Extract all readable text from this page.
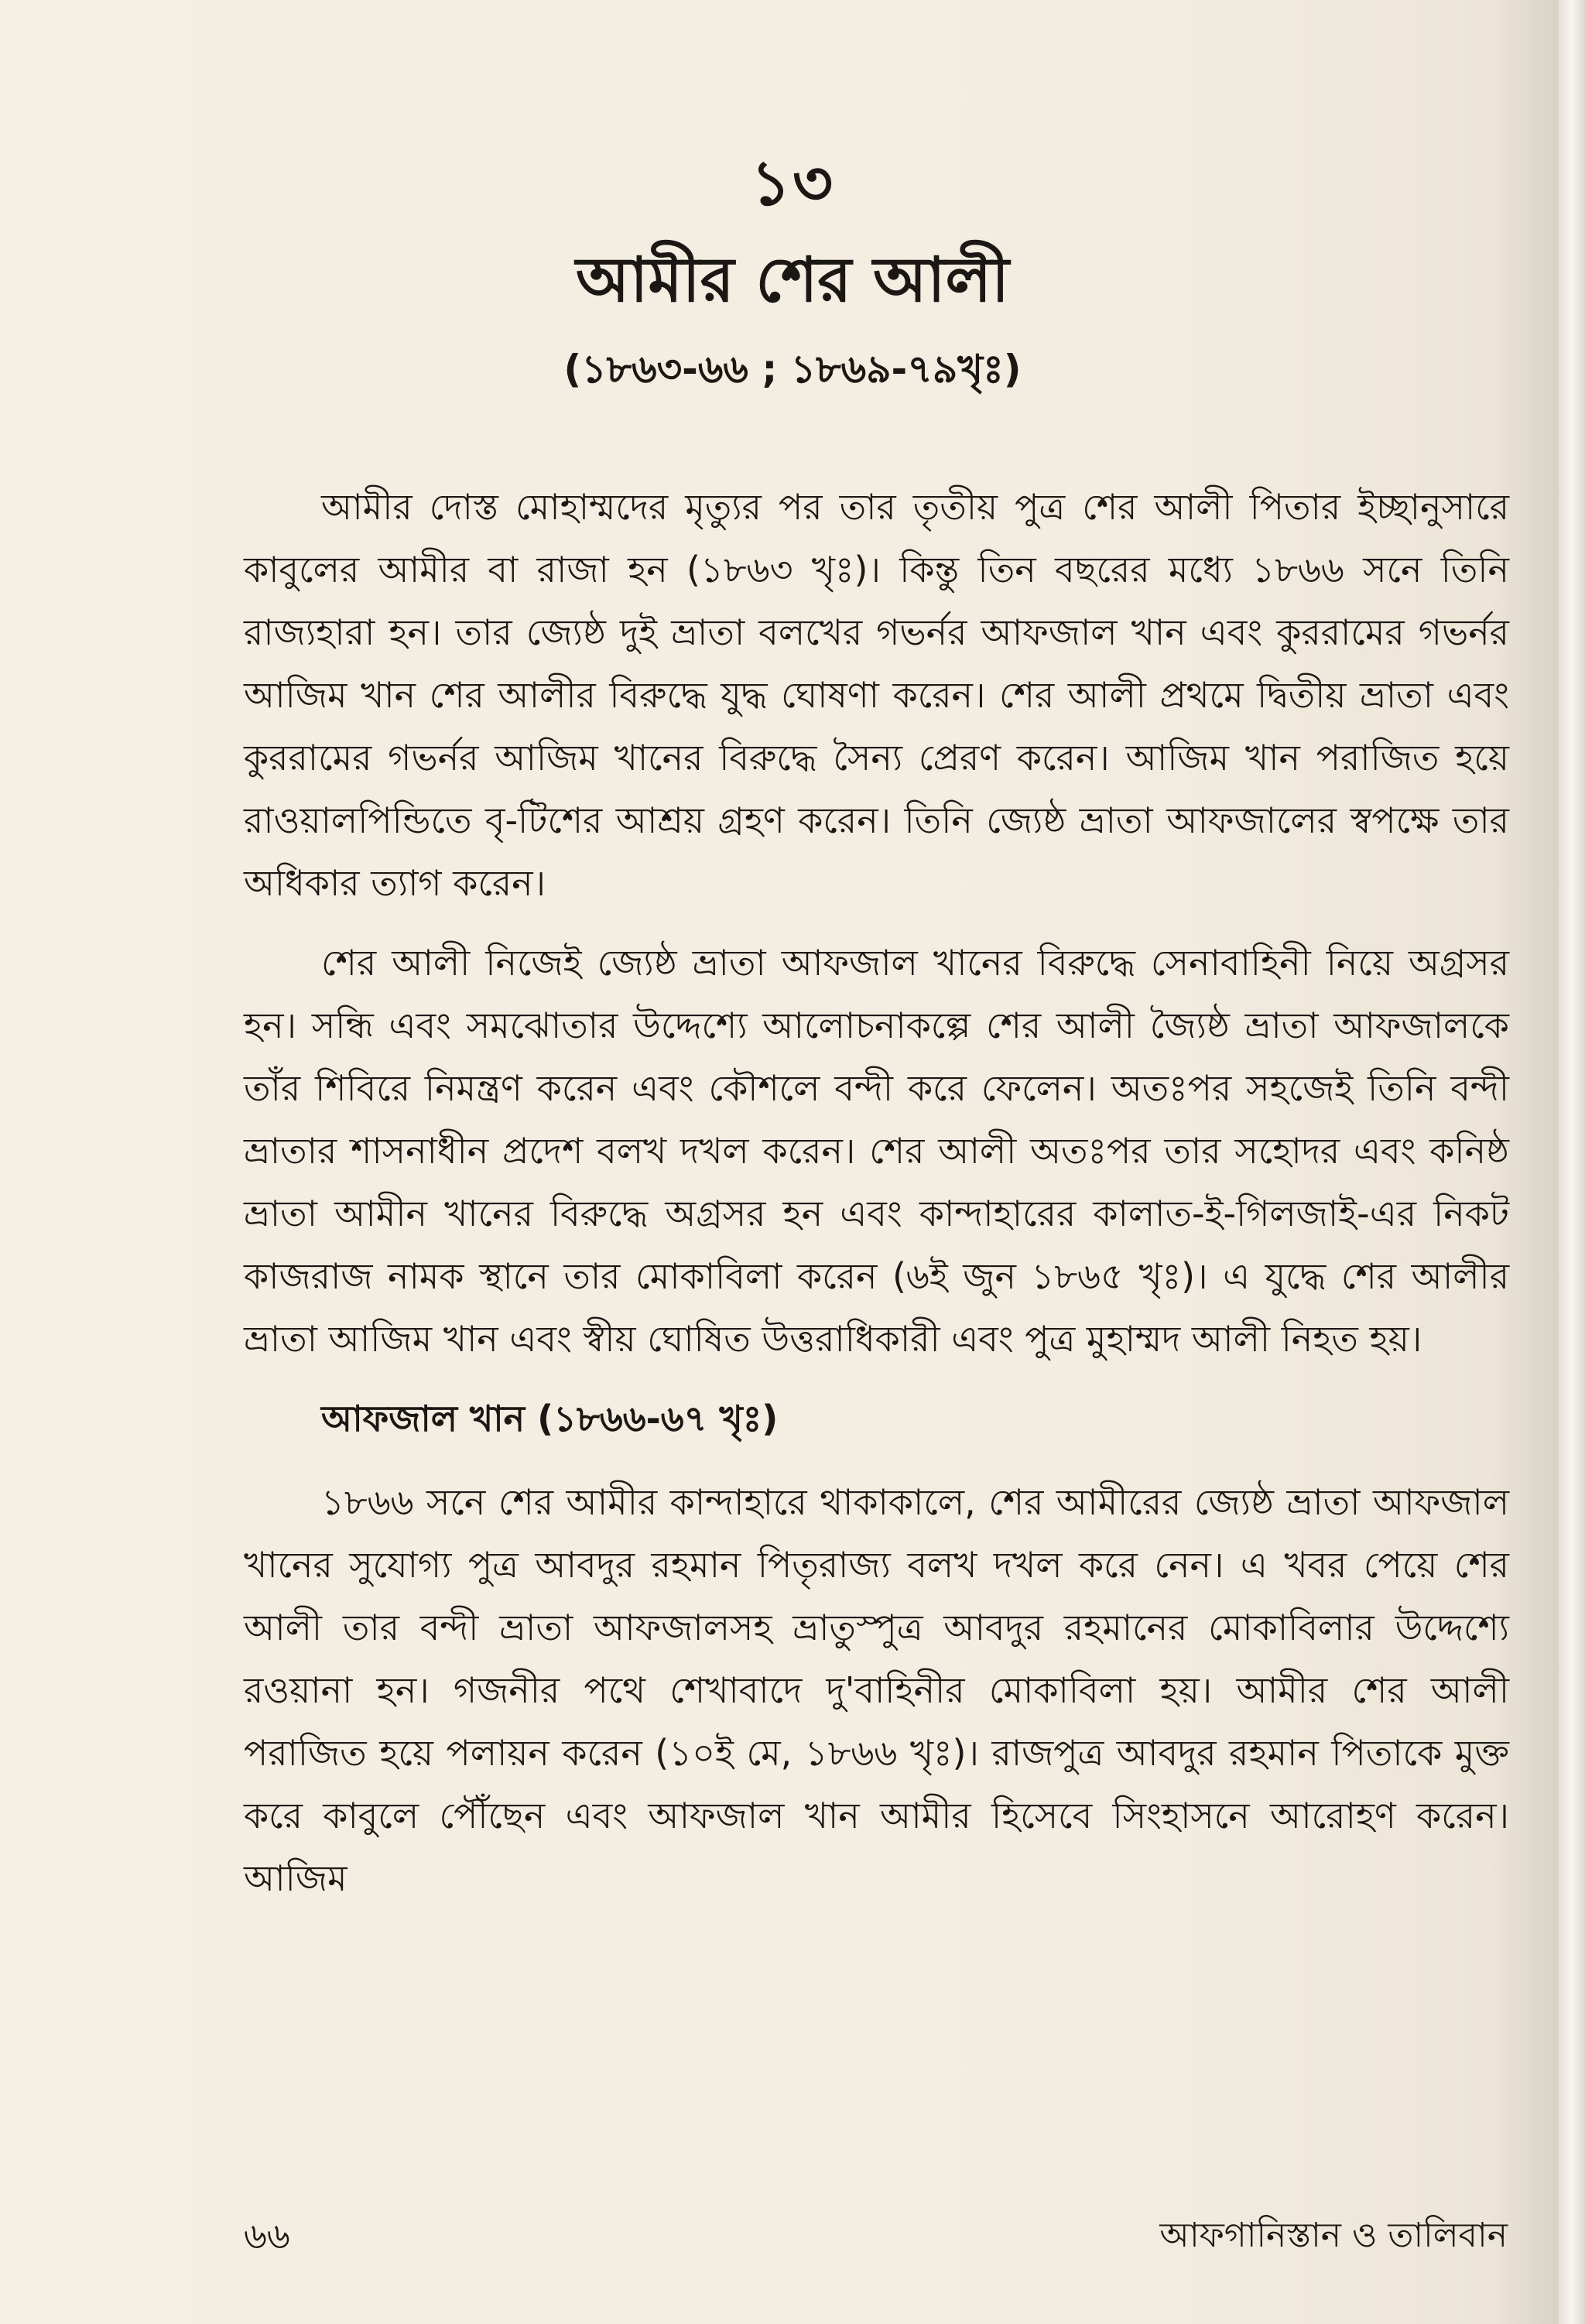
১৩
আমীর শের আলী
(১৮৬৩-৬৬ ; ১৮৬৯-৭৯খৃঃ)

আমীর দোস্ত মোহাম্মদের মৃত্যুর পর তার তৃতীয় পুত্র শের আলী পিতার ইচ্ছানুসারে কাবুলের আমীর বা রাজা হন (১৮৬৩ খৃঃ)। কিন্তু তিন বছরের মধ্যে ১৮৬৬ সনে তিনি রাজ্যহারা হন। তার জ্যেষ্ঠ দুই ভ্রাতা বলখের গভর্নর আফজাল খান এবং কুররামের গভর্নর আজিম খান শের আলীর বিরুদ্ধে যুদ্ধ ঘোষণা করেন। শের আলী প্রথমে দ্বিতীয় ভ্রাতা এবং কুররামের গভর্নর আজিম খানের বিরুদ্ধে সৈন্য প্রেরণ করেন। আজিম খান পরাজিত হয়ে রাওয়ালপিন্ডিতে বৃ-টিশের আশ্রয় গ্রহণ করেন। তিনি জ্যেষ্ঠ ভ্রাতা আফজালের স্বপক্ষে তার অধিকার ত্যাগ করেন।

শের আলী নিজেই জ্যেষ্ঠ ভ্রাতা আফজাল খানের বিরুদ্ধে সেনাবাহিনী নিয়ে অগ্রসর হন। সন্ধি এবং সমঝোতার উদ্দেশ্যে আলোচনাকল্পে শের আলী জ্যৈষ্ঠ ভ্রাতা আফজালকে তাঁর শিবিরে নিমন্ত্রণ করেন এবং কৌশলে বন্দী করে ফেলেন। অতঃপর সহজেই তিনি বন্দী ভ্রাতার শাসনাধীন প্রদেশ বলখ দখল করেন। শের আলী অতঃপর তার সহোদর এবং কনিষ্ঠ ভ্রাতা আমীন খানের বিরুদ্ধে অগ্রসর হন এবং কান্দাহারের কালাত-ই-গিলজাই-এর নিকট কাজরাজ নামক স্থানে তার মোকাবিলা করেন (৬ই জুন ১৮৬৫ খৃঃ)। এ যুদ্ধে শের আলীর ভ্রাতা আজিম খান এবং স্বীয় ঘোষিত উত্তরাধিকারী এবং পুত্র মুহাম্মদ আলী নিহত হয়।

আফজাল খান (১৮৬৬-৬৭ খৃঃ)

১৮৬৬ সনে শের আমীর কান্দাহারে থাকাকালে, শের আমীরের জ্যেষ্ঠ ভ্রাতা আফজাল খানের সুযোগ্য পুত্র আবদুর রহমান পিতৃরাজ্য বলখ দখল করে নেন। এ খবর পেয়ে শের আলী তার বন্দী ভ্রাতা আফজালসহ ভ্রাতুস্পুত্র আবদুর রহমানের মোকাবিলার উদ্দেশ্যে রওয়ানা হন। গজনীর পথে শেখাবাদে দু'বাহিনীর মোকাবিলা হয়। আমীর শের আলী পরাজিত হয়ে পলায়ন করেন (১০ই মে, ১৮৬৬ খৃঃ)। রাজপুত্র আবদুর রহমান পিতাকে মুক্ত করে কাবুলে পৌঁছেন এবং আফজাল খান আমীর হিসেবে সিংহাসনে আরোহণ করেন। আজিম

৬৬	আফগানিস্তান ও তালিবান
